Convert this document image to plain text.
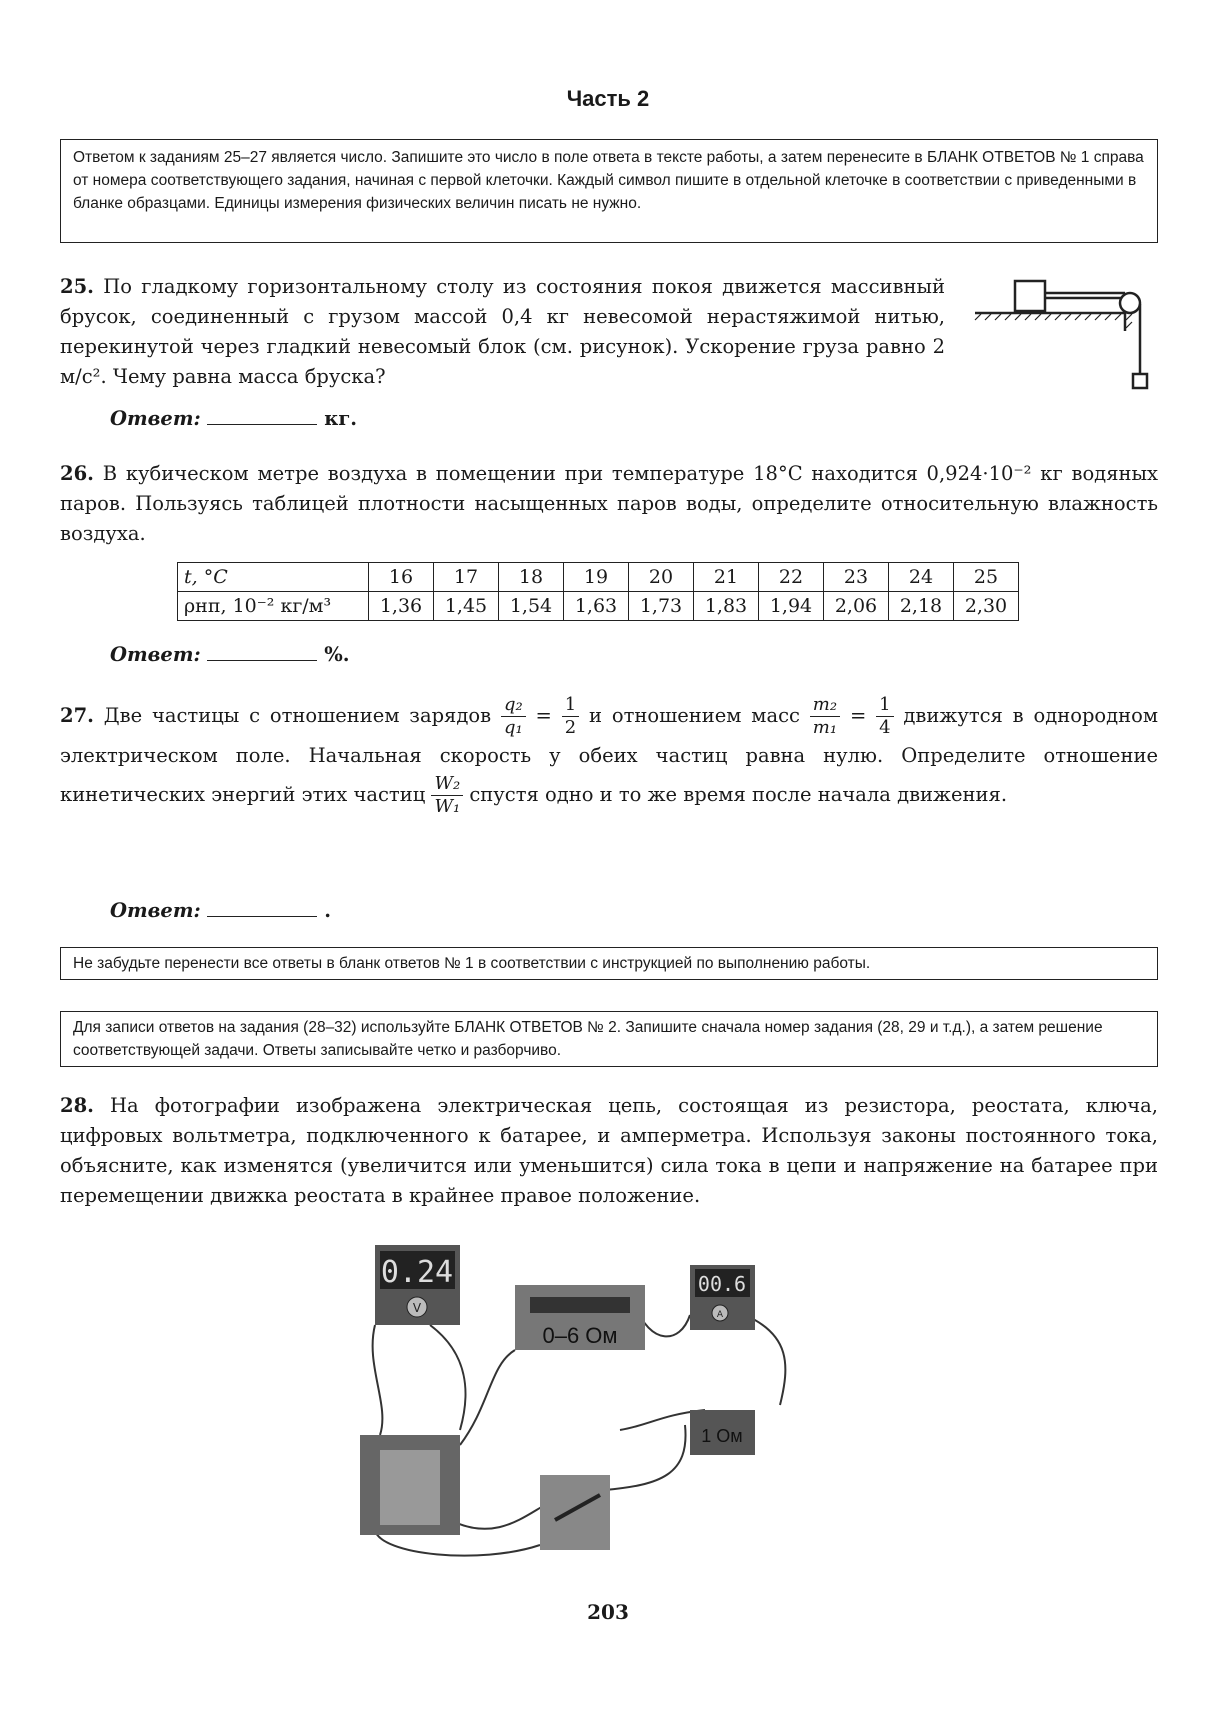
Часть 2
Ответом к заданиям 25–27 является число. Запишите это число в поле ответа в тексте работы, а затем перенесите в БЛАНК ОТВЕТОВ № 1 справа от номера соответствующего задания, начиная с первой клеточки. Каждый символ пишите в отдельной клеточке в соответствии с приведенными в бланке образцами. Единицы измерения физических величин писать не нужно.
25. По гладкому горизонтальному столу из состояния покоя движется массивный брусок, соединенный с грузом массой 0,4 кг невесомой нерастяжимой нитью, перекинутой через гладкий невесомый блок (см. рисунок). Ускорение груза равно 2 м/с². Чему равна масса бруска?
Ответ:	кг.
26. В кубическом метре воздуха в помещении при температуре 18°С находится 0,924·10⁻² кг водяных паров. Пользуясь таблицей плотности насыщенных паров воды, определите относительную влажность воздуха.
t, °С	16	17	18	19	20	21	22	23	24	25
ρнп, 10⁻² кг/м³	1,36	1,45	1,54	1,63	1,73	1,83	1,94	2,06	2,18	2,30
Ответ:	%.
27. Две частицы с отношением зарядов $\frac{\text{q₂}}{\text{q₁}} = \frac{1}{2}$ и отношением масс $\frac{\text{m₂}}{\text{m₁}} = \frac{1}{4}$ движутся в однородном электрическом поле. Начальная скорость у обеих частиц равна нулю. Определите отношение кинетических энергий этих частиц $\frac{\text{W₂}}{\text{W₁}}$ спустя одно и то же время после начала движения.
Ответ:	.
Не забудьте перенести все ответы в бланк ответов № 1 в соответствии с инструкцией по выполнению работы.
Для записи ответов на задания (28–32) используйте БЛАНК ОТВЕТОВ № 2. Запишите сначала номер задания (28, 29 и т.д.), а затем решение соответствующей задачи. Ответы записывайте четко и разборчиво.
28. На фотографии изображена электрическая цепь, состоящая из резистора, реостата, ключа, цифровых вольтметра, подключенного к батарее, и амперметра. Используя законы постоянного тока, объясните, как изменятся (увеличится или уменьшится) сила тока в цепи и напряжение на батарее при перемещении движка реостата в крайнее правое положение.
0.24
V
0–6 Ом
00.6
A
1 Ом
203
